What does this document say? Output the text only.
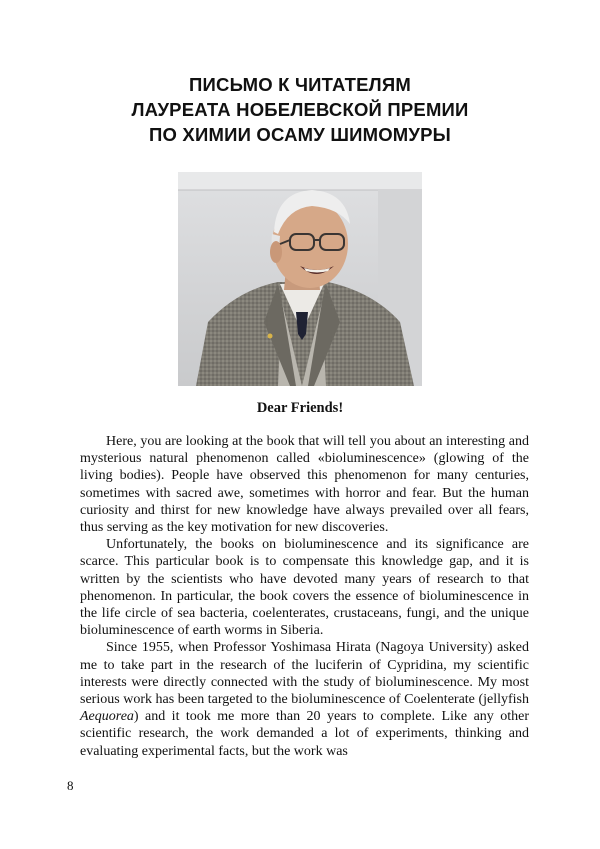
ПИСЬМО К ЧИТАТЕЛЯМ
ЛАУРЕАТА НОБЕЛЕВСКОЙ ПРЕМИИ
ПО ХИМИИ ОСАМУ ШИМОМУРЫ
Dear Friends!

Here, you are looking at the book that will tell you about an interesting and mysterious natural phenomenon called «bioluminescence» (glowing of the living bodies). People have observed this phenomenon for many centuries, sometimes with sacred awe, sometimes with horror and fear. But the human curiosity and thirst for new knowledge have always prevailed over all fears, thus serving as the key motivation for new discoveries.

Unfortunately, the books on bioluminescence and its significance are scarce. This particular book is to compensate this knowledge gap, and it is written by the scientists who have devoted many years of research to that phenomenon. In particular, the book covers the essence of bioluminescence in the life circle of sea bacteria, coelenterates, crustaceans, fungi, and the unique bioluminescence of earth worms in Siberia.

Since 1955, when Professor Yoshimasa Hirata (Nagoya University) asked me to take part in the research of the luciferin of Cypridina, my scientific interests were directly connected with the study of bioluminescence. My most serious work has been targeted to the bioluminescence of Coelenterate (jellyfish Aequorea) and it took me more than 20 years to complete. Like any other scientific research, the work demanded a lot of experiments, thinking and evaluating experimental facts, but the work was

8
